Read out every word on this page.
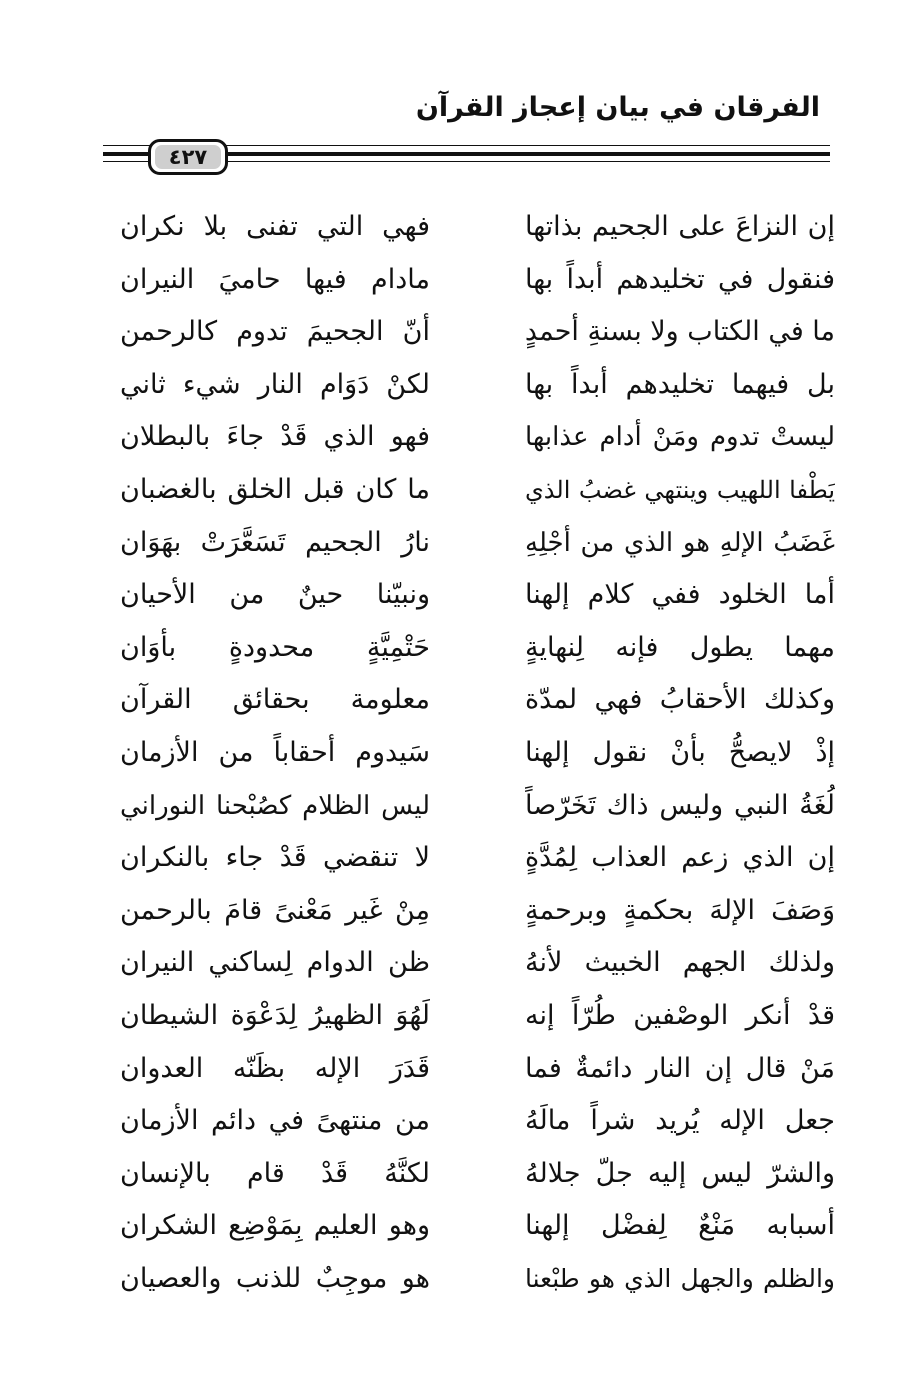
الفرقان في بيان إعجاز القرآن
٤٢٧
إن النزاعَ على الجحيم بذاتها
فهي التي تفنى بلا نكران
فنقول في تخليدهم أبداً بها
مادام فيها حاميَ النيران
ما في الكتاب ولا بسنةِ أحمدٍ
أنّ الجحيمَ تدوم كالرحمن
بل فيهما تخليدهم أبداً بها
لكنْ دَوَام النار شيء ثاني
ليستْ تدوم ومَنْ أدام عذابها
فهو الذي قَدْ جاءَ بالبطلان
يَطْفا اللهيب وينتهي غضبُ الذي
ما كان قبل الخلق بالغضبان
غَضَبُ الإلهِ هو الذي من أجْلِهِ
نارُ الجحيم تَسَعَّرَتْ بهَوَان
أما الخلود ففي كلام إلهنا
ونبيّنا حينٌ من الأحيان
مهما يطول فإنه لِنهايةٍ
حَتْمِيَّةٍ محدودةٍ بأوَان
وكذلك الأحقابُ فهي لمدّة
معلومة بحقائق القرآن
إذْ لايصحُّ بأنْ نقول إلهنا
سَيدوم أحقاباً من الأزمان
لُغَةُ النبي وليس ذاك تَخَرّصاً
ليس الظلام كصُبْحنا النوراني
إن الذي زعم العذاب لِمُدَّةٍ
لا تنقضي قَدْ جاء بالنكران
وَصَفَ الإلهَ بحكمةٍ وبرحمةٍ
مِنْ غَير مَعْنىً قامَ بالرحمن
ولذلك الجهم الخبيث لأنهُ
ظن الدوام لِساكني النيران
قدْ أنكر الوصْفين طُرّاً إنه
لَهُوَ الظهيرُ لِدَعْوَة الشيطان
مَنْ قال إن النار دائمةٌ فما
قَدَرَ الإله بظَنّه العدوان
جعل الإله يُريد شراً مالَهُ
من منتهىً في دائم الأزمان
والشرّ ليس إليه جلّ جلالهُ
لكنَّهُ قَدْ قام بالإنسان
أسبابه مَنْعٌ لِفضْل إلهنا
وهو العليم بِمَوْضِع الشكران
والظلم والجهل الذي هو طبْعنا
هو موجِبٌ للذنب والعصيان
